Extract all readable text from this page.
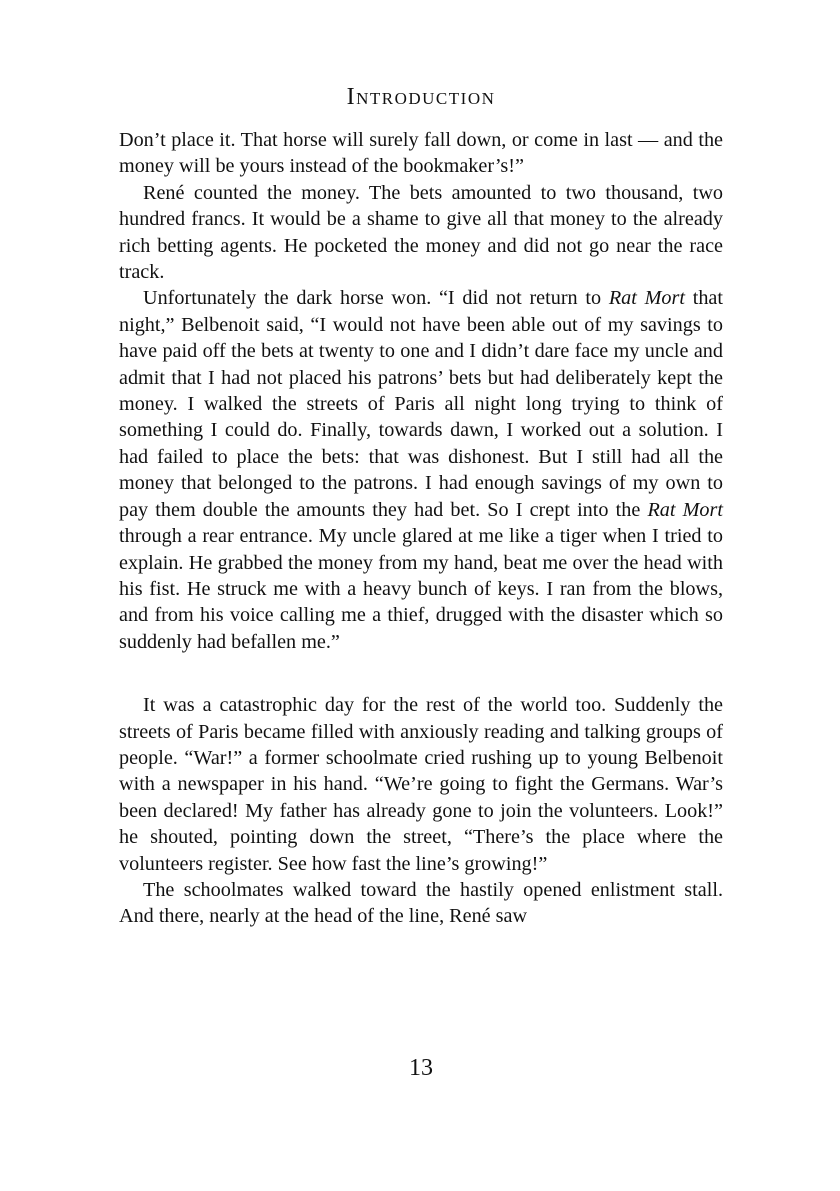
Introduction

Don’t place it. That horse will surely fall down, or come in last — and the money will be yours instead of the bookmaker’s!”

René counted the money. The bets amounted to two thousand, two hundred francs. It would be a shame to give all that money to the already rich betting agents. He pocketed the money and did not go near the race track.

Unfortunately the dark horse won. “I did not return to Rat Mort that night,” Belbenoit said, “I would not have been able out of my savings to have paid off the bets at twenty to one and I didn’t dare face my uncle and admit that I had not placed his patrons’ bets but had deliberately kept the money. I walked the streets of Paris all night long trying to think of something I could do. Finally, towards dawn, I worked out a solution. I had failed to place the bets: that was dishonest. But I still had all the money that belonged to the patrons. I had enough savings of my own to pay them double the amounts they had bet. So I crept into the Rat Mort through a rear entrance. My uncle glared at me like a tiger when I tried to explain. He grabbed the money from my hand, beat me over the head with his fist. He struck me with a heavy bunch of keys. I ran from the blows, and from his voice calling me a thief, drugged with the disaster which so suddenly had befallen me.”

It was a catastrophic day for the rest of the world too. Suddenly the streets of Paris became filled with anxiously reading and talking groups of people. “War!” a former schoolmate cried rushing up to young Belbenoit with a newspaper in his hand. “We’re going to fight the Germans. War’s been declared! My father has already gone to join the volunteers. Look!” he shouted, pointing down the street, “There’s the place where the volunteers register. See how fast the line’s growing!”

The schoolmates walked toward the hastily opened enlistment stall. And there, nearly at the head of the line, René saw

13
